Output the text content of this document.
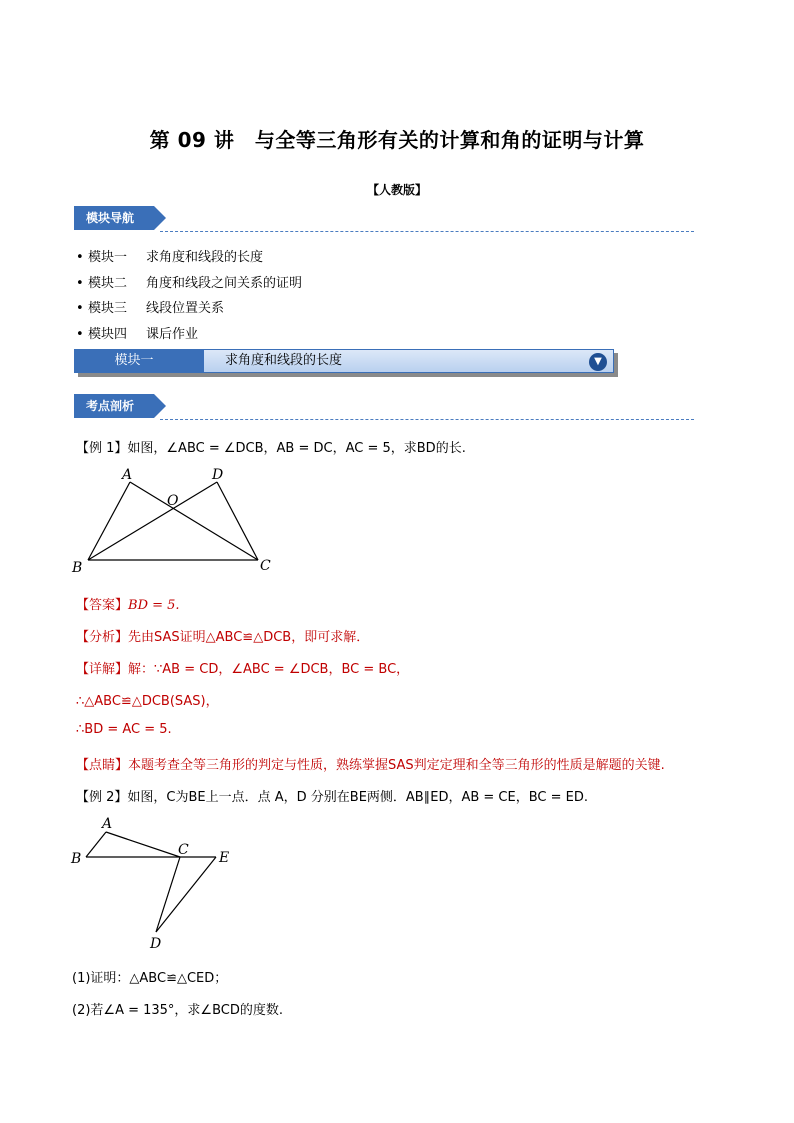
第 09 讲　与全等三角形有关的计算和角的证明与计算
【人教版】
模块导航
• 模块一 求角度和线段的长度
• 模块二 角度和线段之间关系的证明
• 模块三 线段位置关系
• 模块四 课后作业
求角度和线段的长度	▼
模块一
考点剖析
【例 1】如图，∠ABC = ∠DCB，AB = DC，AC = 5，求BD的长.
A	D
O
B	C
【答案】BD = 5.
【分析】先由SAS证明△ABC≌△DCB，即可求解．
【详解】解：∵AB = CD，∠ABC = ∠DCB，BC = BC，
∴△ABC≌△DCB(SAS)，
∴BD = AC = 5.
【点睛】本题考查全等三角形的判定与性质，熟练掌握SAS判定定理和全等三角形的性质是解题的关键.
【例 2】如图，C为BE上一点．点 A，D 分别在BE两侧．AB∥ED，AB = CE，BC = ED.
A
B
C E
D
(1)证明：△ABC≌△CED；
(2)若∠A = 135°，求∠BCD的度数.
